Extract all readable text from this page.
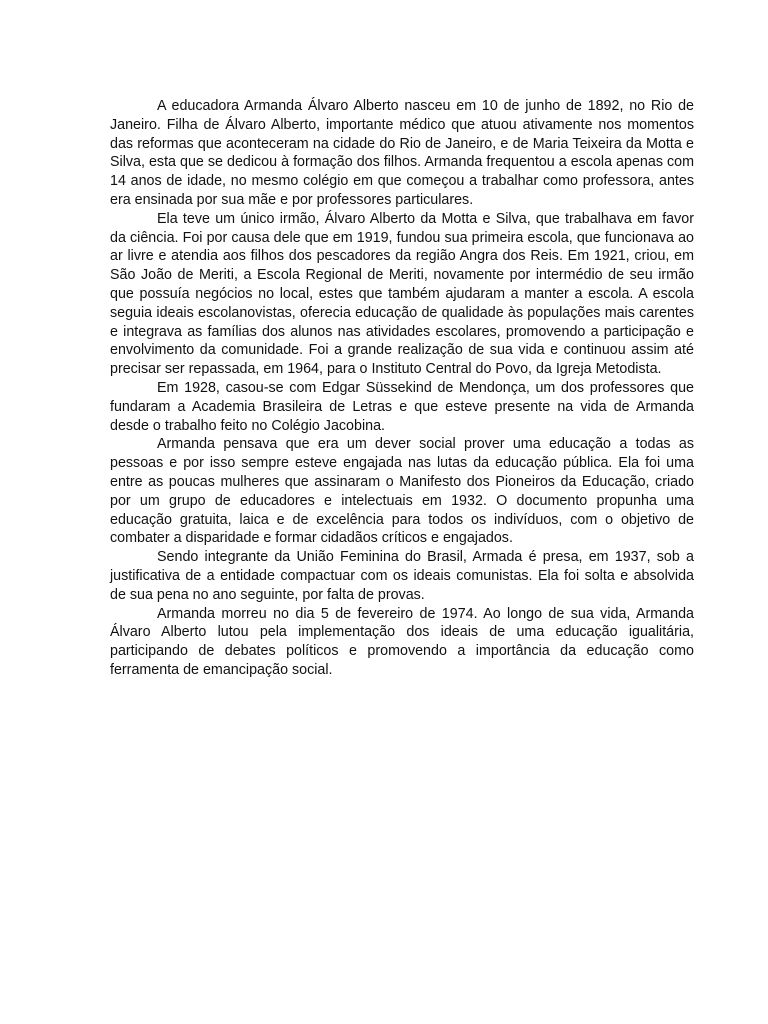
A educadora Armanda Álvaro Alberto nasceu em 10 de junho de 1892, no Rio de Janeiro. Filha de Álvaro Alberto, importante médico que atuou ativamente nos momentos das reformas que aconteceram na cidade do Rio de Janeiro, e de Maria Teixeira da Motta e Silva, esta que se dedicou à formação dos filhos. Armanda frequentou a escola apenas com 14 anos de idade, no mesmo colégio em que começou a trabalhar como professora, antes era ensinada por sua mãe e por professores particulares.

Ela teve um único irmão, Álvaro Alberto da Motta e Silva, que trabalhava em favor da ciência. Foi por causa dele que em 1919, fundou sua primeira escola, que funcionava ao ar livre e atendia aos filhos dos pescadores da região Angra dos Reis. Em 1921, criou, em São João de Meriti, a Escola Regional de Meriti, novamente por intermédio de seu irmão que possuía negócios no local, estes que também ajudaram a manter a escola. A escola seguia ideais escolanovistas, oferecia educação de qualidade às populações mais carentes e integrava as famílias dos alunos nas atividades escolares, promovendo a participação e envolvimento da comunidade. Foi a grande realização de sua vida e continuou assim até precisar ser repassada, em 1964, para o Instituto Central do Povo, da Igreja Metodista.

Em 1928, casou-se com Edgar Süssekind de Mendonça, um dos professores que fundaram a Academia Brasileira de Letras e que esteve presente na vida de Armanda desde o trabalho feito no Colégio Jacobina.

Armanda pensava que era um dever social prover uma educação a todas as pessoas e por isso sempre esteve engajada nas lutas da educação pública. Ela foi uma entre as poucas mulheres que assinaram o Manifesto dos Pioneiros da Educação, criado por um grupo de educadores e intelectuais em 1932. O documento propunha uma educação gratuita, laica e de excelência para todos os indivíduos, com o objetivo de combater a disparidade e formar cidadãos críticos e engajados.

Sendo integrante da União Feminina do Brasil, Armada é presa, em 1937, sob a justificativa de a entidade compactuar com os ideais comunistas. Ela foi solta e absolvida de sua pena no ano seguinte, por falta de provas.

Armanda morreu no dia 5 de fevereiro de 1974. Ao longo de sua vida, Armanda Álvaro Alberto lutou pela implementação dos ideais de uma educação igualitária, participando de debates políticos e promovendo a importância da educação como ferramenta de emancipação social.
